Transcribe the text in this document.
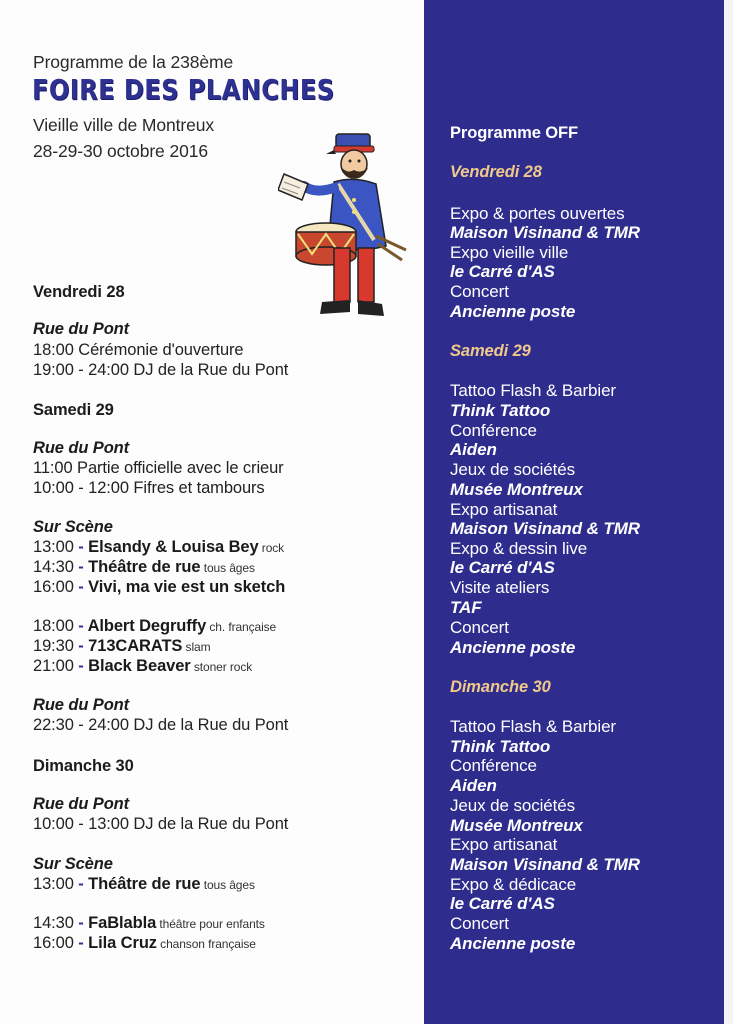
Programme de la 238ème
FOIRE DES PLANCHES
Vieille ville de Montreux
28-29-30 octobre 2016
Vendredi 28
Rue du Pont
18:00 Cérémonie d'ouverture
19:00 - 24:00 DJ de la Rue du Pont
Samedi 29
Rue du Pont
11:00 Partie officielle avec le crieur
10:00 - 12:00 Fifres et tambours
Sur Scène
13:00 - Elsandy & Louisa Bey rock
14:30 - Théâtre de rue tous âges
16:00 - Vivi, ma vie est un sketch
18:00 - Albert Degruffy ch. française
19:30 - 713CARATS slam
21:00 - Black Beaver stoner rock
Rue du Pont
22:30 - 24:00 DJ de la Rue du Pont
Dimanche 30
Rue du Pont
10:00 - 13:00 DJ de la Rue du Pont
Sur Scène
13:00 - Théâtre de rue tous âges
14:30 - FaBlabla théâtre pour enfants
16:00 - Lila Cruz chanson française
Programme OFF
Vendredi 28
Expo & portes ouvertes
Maison Visinand & TMR
Expo vieille ville
le Carré d'AS
Concert
Ancienne poste
Samedi 29
Tattoo Flash & Barbier
Think Tattoo
Conférence
Aiden
Jeux de sociétés
Musée Montreux
Expo artisanat
Maison Visinand & TMR
Expo & dessin live
le Carré d'AS
Visite ateliers
TAF
Concert
Ancienne poste
Dimanche 30
Tattoo Flash & Barbier
Think Tattoo
Conférence
Aiden
Jeux de sociétés
Musée Montreux
Expo artisanat
Maison Visinand & TMR
Expo & dédicace
le Carré d'AS
Concert
Ancienne poste
